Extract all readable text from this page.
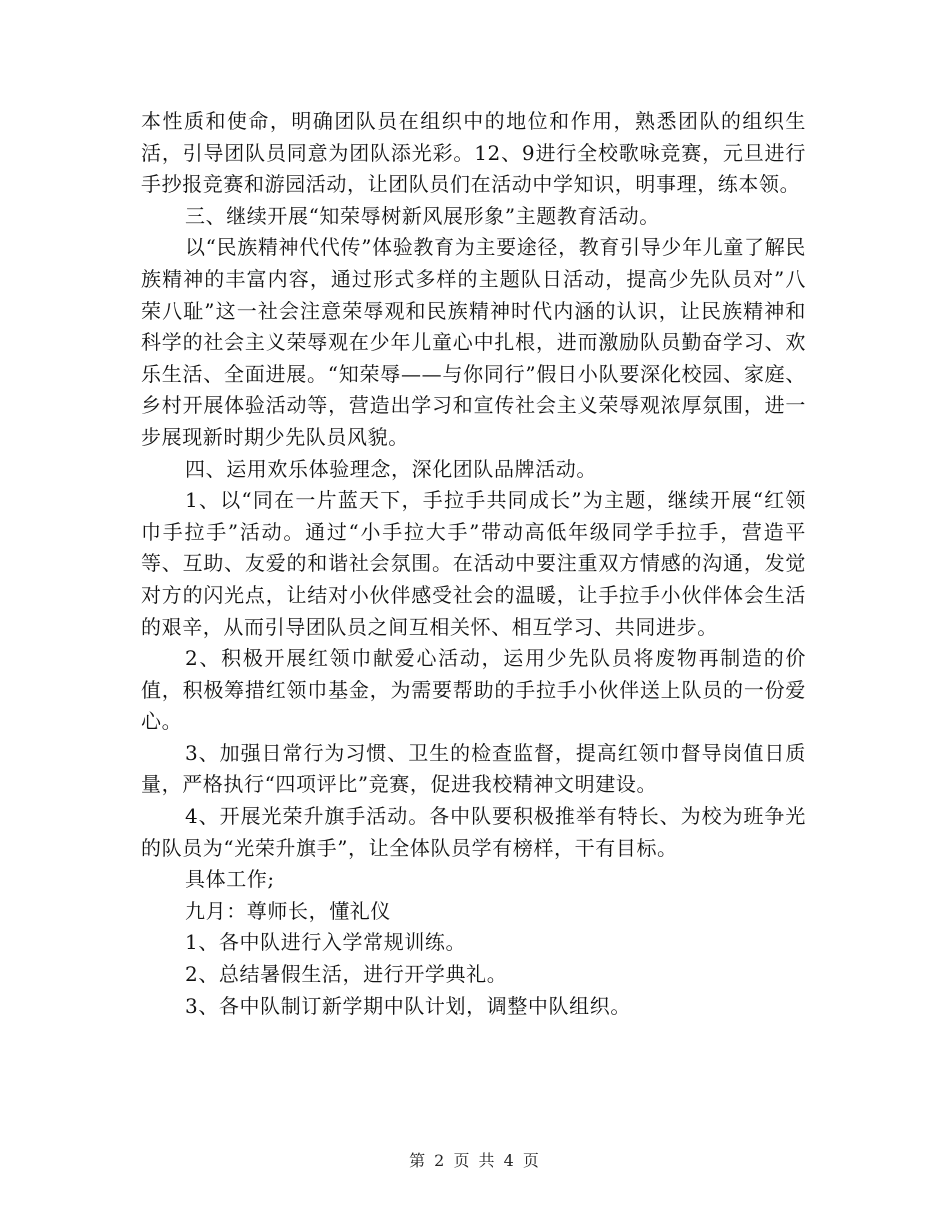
本性质和使命，明确团队员在组织中的地位和作用，熟悉团队的组织生活，引导团队员同意为团队添光彩。12、9进行全校歌咏竞赛，元旦进行手抄报竞赛和游园活动，让团队员们在活动中学知识，明事理，练本领。

三、继续开展“知荣辱树新风展形象”主题教育活动。

以“民族精神代代传”体验教育为主要途径，教育引导少年儿童了解民族精神的丰富内容，通过形式多样的主题队日活动，提高少先队员对”八荣八耻”这一社会注意荣辱观和民族精神时代内涵的认识，让民族精神和科学的社会主义荣辱观在少年儿童心中扎根，进而激励队员勤奋学习、欢乐生活、全面进展。“知荣辱——与你同行”假日小队要深化校园、家庭、乡村开展体验活动等，营造出学习和宣传社会主义荣辱观浓厚氛围，进一步展现新时期少先队员风貌。

四、运用欢乐体验理念，深化团队品牌活动。

1、以“同在一片蓝天下，手拉手共同成长”为主题，继续开展“红领巾手拉手”活动。通过“小手拉大手”带动高低年级同学手拉手，营造平等、互助、友爱的和谐社会氛围。在活动中要注重双方情感的沟通，发觉对方的闪光点，让结对小伙伴感受社会的温暖，让手拉手小伙伴体会生活的艰辛，从而引导团队员之间互相关怀、相互学习、共同进步。

2、积极开展红领巾献爱心活动，运用少先队员将废物再制造的价值，积极筹措红领巾基金，为需要帮助的手拉手小伙伴送上队员的一份爱心。

3、加强日常行为习惯、卫生的检查监督，提高红领巾督导岗值日质量，严格执行“四项评比”竞赛，促进我校精神文明建设。

4、开展光荣升旗手活动。各中队要积极推举有特长、为校为班争光的队员为“光荣升旗手”，让全体队员学有榜样，干有目标。

具体工作;

九月：尊师长，懂礼仪

1、各中队进行入学常规训练。

2、总结暑假生活，进行开学典礼。

3、各中队制订新学期中队计划，调整中队组织。

第 2 页 共 4 页
